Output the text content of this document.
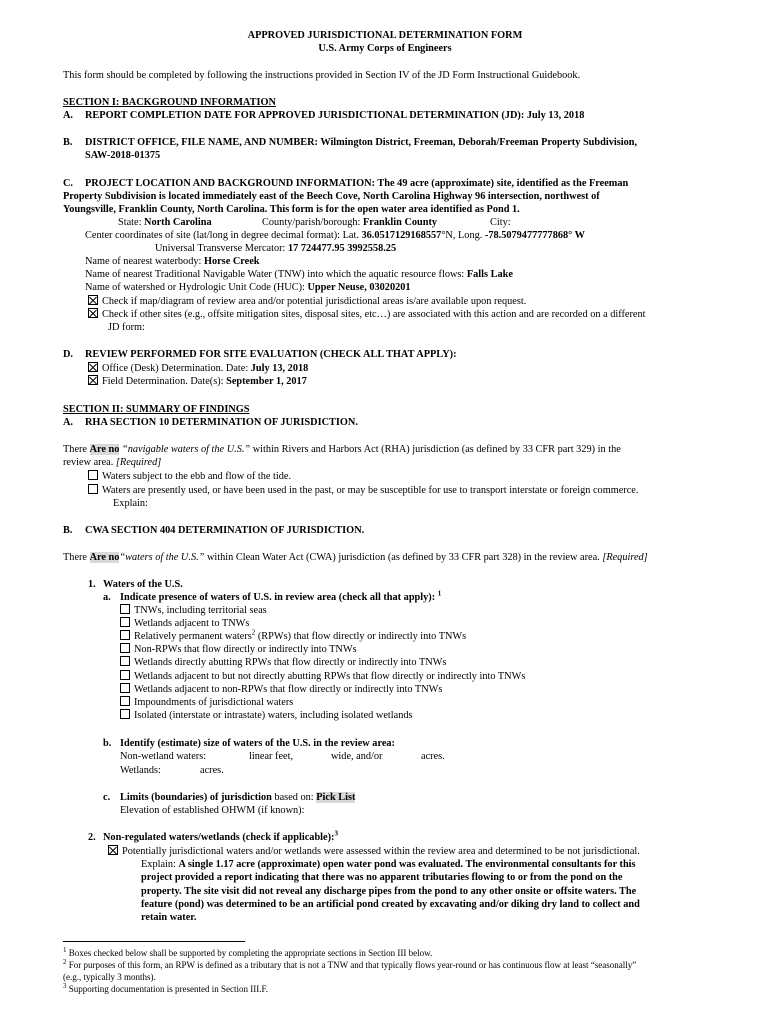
APPROVED JURISDICTIONAL DETERMINATION FORM
U.S. Army Corps of Engineers
This form should be completed by following the instructions provided in Section IV of the JD Form Instructional Guidebook.
SECTION I: BACKGROUND INFORMATION
A. REPORT COMPLETION DATE FOR APPROVED JURISDICTIONAL DETERMINATION (JD): July 13, 2018
B. DISTRICT OFFICE, FILE NAME, AND NUMBER: Wilmington District, Freeman, Deborah/Freeman Property Subdivision,
SAW-2018-01375
C. PROJECT LOCATION AND BACKGROUND INFORMATION: The 49 acre (approximate) site, identified as the Freeman
Property Subdivision is located immediately east of the Beech Cove, North Carolina Highway 96 intersection, northwest of
Youngsville, Franklin County, North Carolina. This form is for the open water area identified as Pond 1.
State: North Carolina	County/parish/borough: Franklin County	City:
Center coordinates of site (lat/long in degree decimal format): Lat. 36.0517129168557°N, Long. -78.5079477777868° W
Universal Transverse Mercator: 17 724477.95 3992558.25
Name of nearest waterbody: Horse Creek
Name of nearest Traditional Navigable Water (TNW) into which the aquatic resource flows: Falls Lake
Name of watershed or Hydrologic Unit Code (HUC): Upper Neuse, 03020201
Check if map/diagram of review area and/or potential jurisdictional areas is/are available upon request.
Check if other sites (e.g., offsite mitigation sites, disposal sites, etc…) are associated with this action and are recorded on a different
JD form:
D. REVIEW PERFORMED FOR SITE EVALUATION (CHECK ALL THAT APPLY):
Office (Desk) Determination. Date: July 13, 2018
Field Determination. Date(s): September 1, 2017
SECTION II: SUMMARY OF FINDINGS
A. RHA SECTION 10 DETERMINATION OF JURISDICTION.
There Are no “navigable waters of the U.S.” within Rivers and Harbors Act (RHA) jurisdiction (as defined by 33 CFR part 329) in the
review area. [Required]
Waters subject to the ebb and flow of the tide.
Waters are presently used, or have been used in the past, or may be susceptible for use to transport interstate or foreign commerce.
Explain:
B. CWA SECTION 404 DETERMINATION OF JURISDICTION.
There Are no“waters of the U.S.” within Clean Water Act (CWA) jurisdiction (as defined by 33 CFR part 328) in the review area. [Required]
1. Waters of the U.S.
a. Indicate presence of waters of U.S. in review area (check all that apply): $^1$
TNWs, including territorial seas
Wetlands adjacent to TNWs
Relatively permanent waters$^2$ (RPWs) that flow directly or indirectly into TNWs
Non-RPWs that flow directly or indirectly into TNWs
Wetlands directly abutting RPWs that flow directly or indirectly into TNWs
Wetlands adjacent to but not directly abutting RPWs that flow directly or indirectly into TNWs
Wetlands adjacent to non-RPWs that flow directly or indirectly into TNWs
Impoundments of jurisdictional waters
Isolated (interstate or intrastate) waters, including isolated wetlands
b. Identify (estimate) size of waters of the U.S. in the review area:
Non-wetland waters:	linear feet,	wide, and/or	acres.
Wetlands:	acres.
c. Limits (boundaries) of jurisdiction based on: Pick List
Elevation of established OHWM (if known):
2. Non-regulated waters/wetlands (check if applicable):$^3$
Potentially jurisdictional waters and/or wetlands were assessed within the review area and determined to be not jurisdictional.
Explain: A single 1.17 acre (approximate) open water pond was evaluated. The environmental consultants for this
project provided a report indicating that there was no apparent tributaries flowing to or from the pond on the
property. The site visit did not reveal any discharge pipes from the pond to any other onsite or offsite waters. The
feature (pond) was determined to be an artificial pond created by excavating and/or diking dry land to collect and
retain water.
$^1$ Boxes checked below shall be supported by completing the appropriate sections in Section III below.
$^2$ For purposes of this form, an RPW is defined as a tributary that is not a TNW and that typically flows year-round or has continuous flow at least “seasonally”
(e.g., typically 3 months).
$^3$ Supporting documentation is presented in Section III.F.
